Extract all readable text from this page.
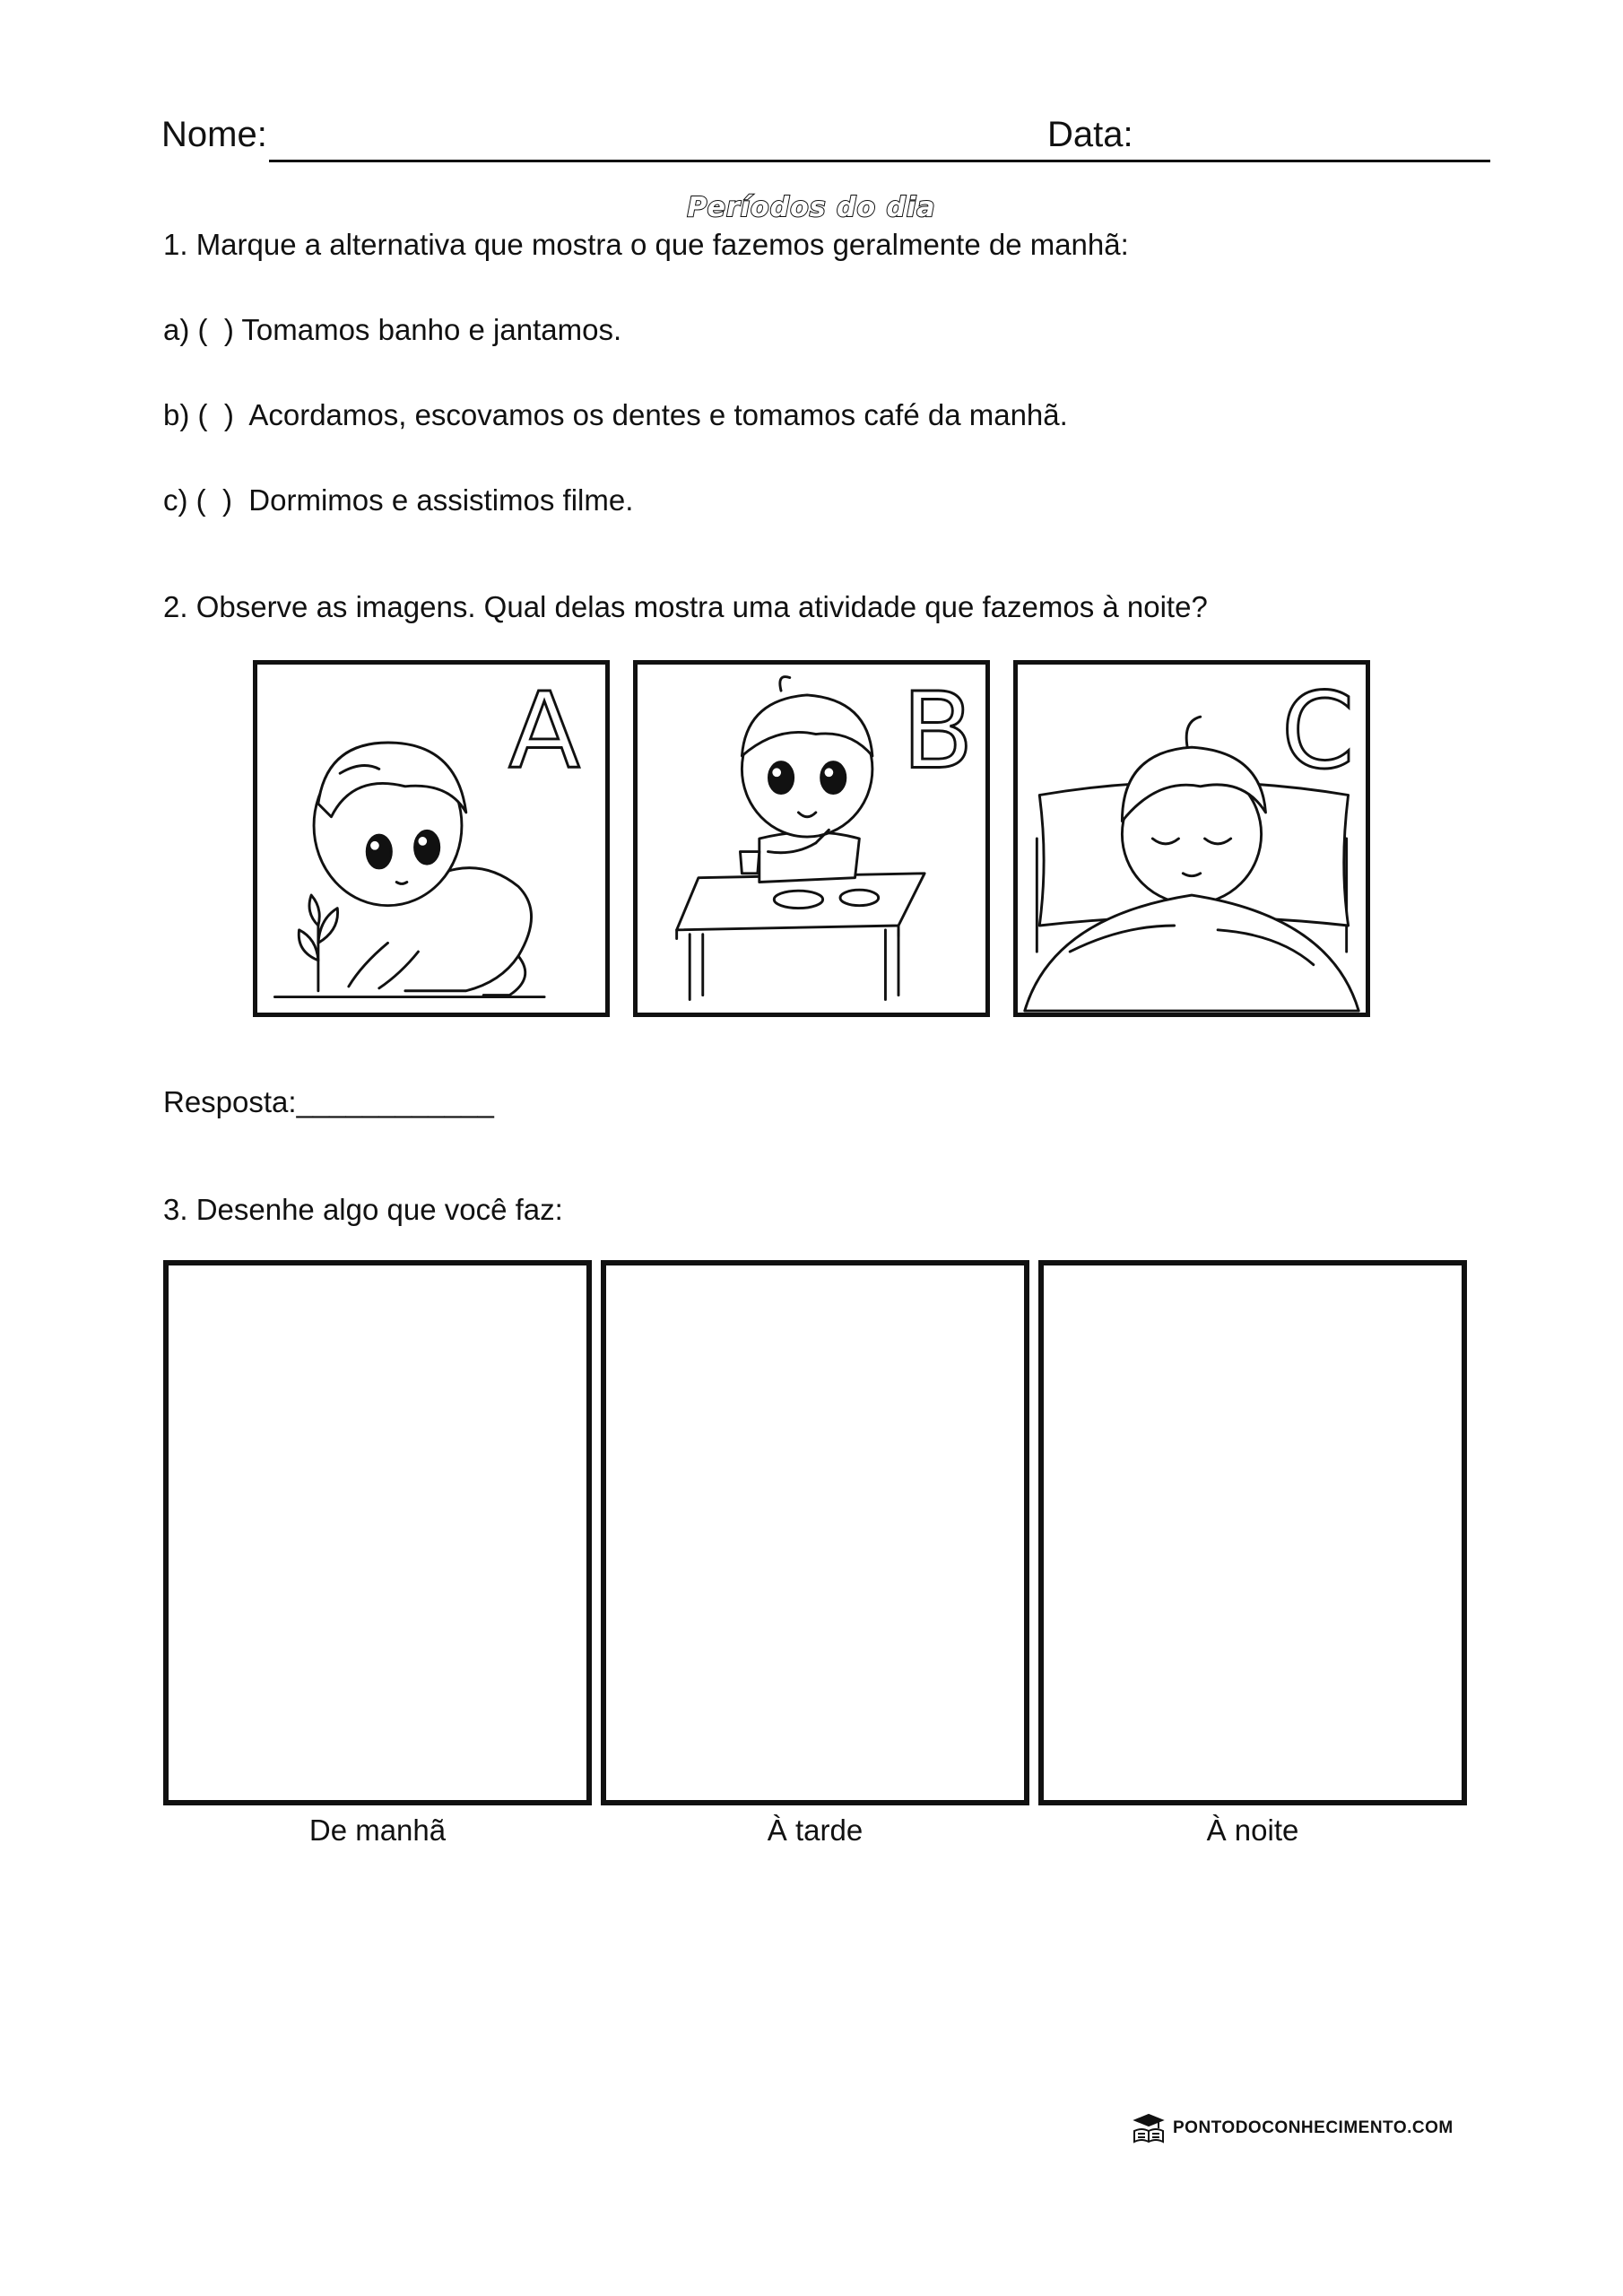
Nome:	Data:
Períodos do dia
1. Marque a alternativa que mostra o que fazemos geralmente de manhã:
a) (  ) Tomamos banho e jantamos.
b) (  )  Acordamos, escovamos os dentes e tomamos café da manhã.
c) (  )  Dormimos e assistimos filme.
2. Observe as imagens. Qual delas mostra uma atividade que fazemos à noite?
A	B	C
Resposta:____________
3. Desenhe algo que você faz:
De manhã	À tarde	À noite
PONTODOCONHECIMENTO.COM
